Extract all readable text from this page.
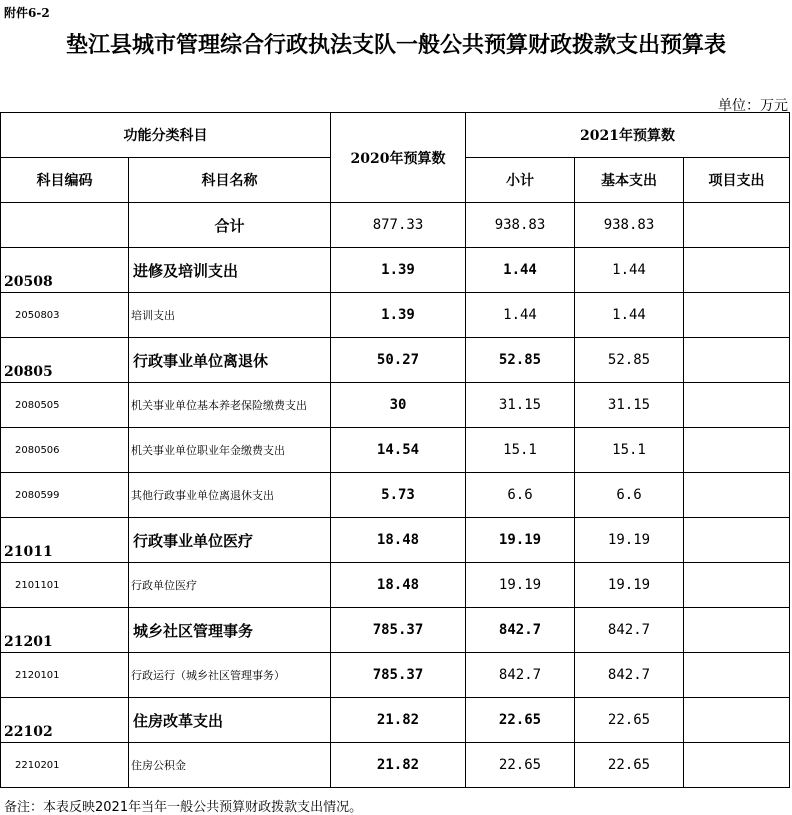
附件6-2
垫江县城市管理综合行政执法支队一般公共预算财政拨款支出预算表
单位：万元
功能分类科目		2020年预算数	2021年预算数		
科目编码	科目名称		小计	基本支出	项目支出
	合计	877.33	938.83	938.83	
20508	进修及培训支出	1.39	1.44	1.44	
2050803	培训支出	1.39	1.44	1.44	
20805	行政事业单位离退休	50.27	52.85	52.85	
2080505	机关事业单位基本养老保险缴费支出	30	31.15	31.15	
2080506	机关事业单位职业年金缴费支出	14.54	15.1	15.1	
2080599	其他行政事业单位离退休支出	5.73	6.6	6.6	
21011	行政事业单位医疗	18.48	19.19	19.19	
2101101	行政单位医疗	18.48	19.19	19.19	
21201	城乡社区管理事务	785.37	842.7	842.7	
2120101	行政运行（城乡社区管理事务）	785.37	842.7	842.7	
22102	住房改革支出	21.82	22.65	22.65	
2210201	住房公积金	21.82	22.65	22.65	
备注：本表反映2021年当年一般公共预算财政拨款支出情况。
